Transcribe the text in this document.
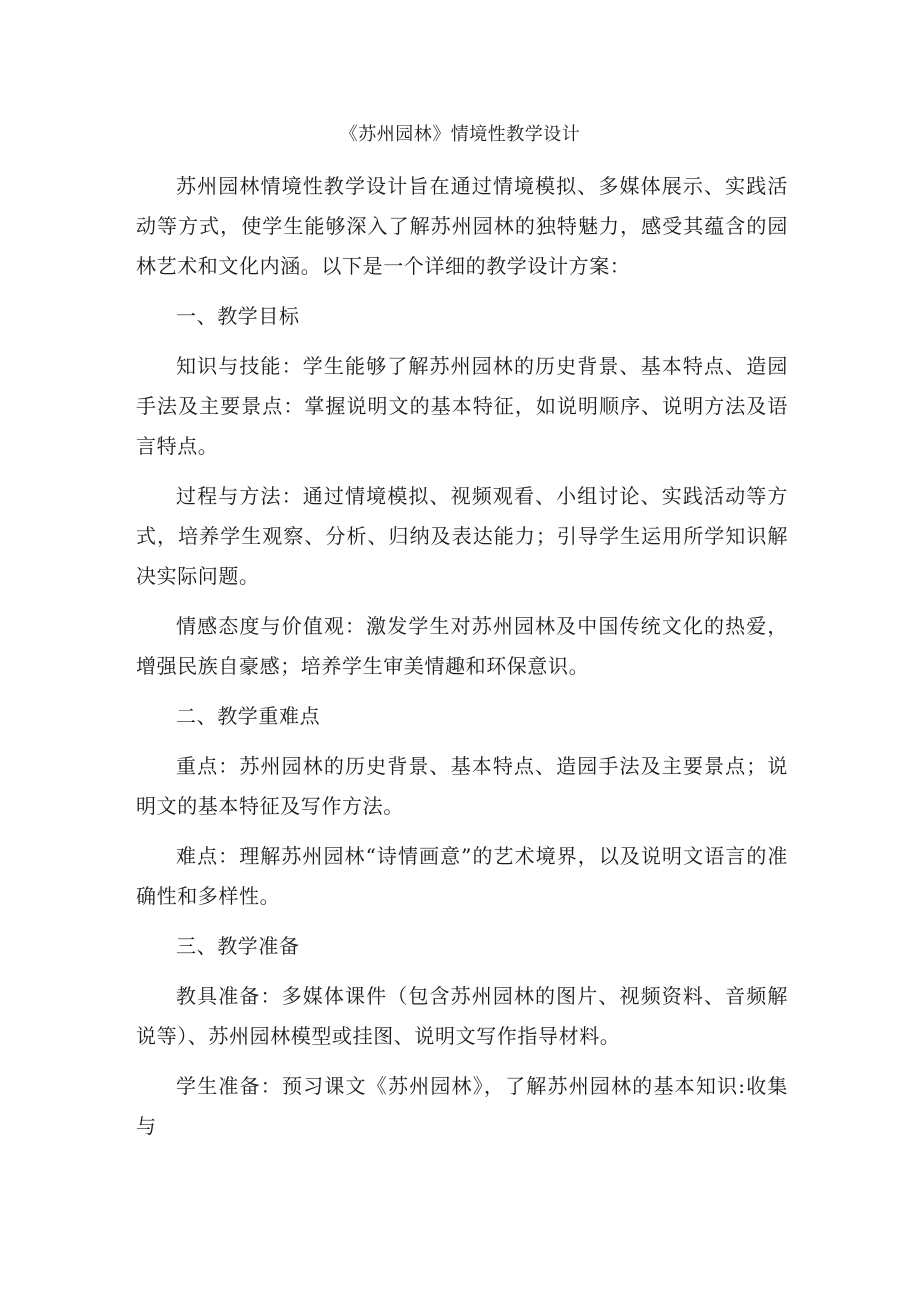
《苏州园林》情境性教学设计

苏州园林情境性教学设计旨在通过情境模拟、多媒体展示、实践活动等方式，使学生能够深入了解苏州园林的独特魅力，感受其蕴含的园林艺术和文化内涵。以下是一个详细的教学设计方案：

一、教学目标

知识与技能：学生能够了解苏州园林的历史背景、基本特点、造园手法及主要景点：掌握说明文的基本特征，如说明顺序、说明方法及语言特点。

过程与方法：通过情境模拟、视频观看、小组讨论、实践活动等方式，培养学生观察、分析、归纳及表达能力；引导学生运用所学知识解决实际问题。

情感态度与价值观：激发学生对苏州园林及中国传统文化的热爱，增强民族自豪感；培养学生审美情趣和环保意识。

二、教学重难点

重点：苏州园林的历史背景、基本特点、造园手法及主要景点；说明文的基本特征及写作方法。

难点：理解苏州园林“诗情画意”的艺术境界，以及说明文语言的准确性和多样性。

三、教学准备

教具准备：多媒体课件（包含苏州园林的图片、视频资料、音频解说等）、苏州园林模型或挂图、说明文写作指导材料。

学生准备：预习课文《苏州园林》，了解苏州园林的基本知识:收集与
